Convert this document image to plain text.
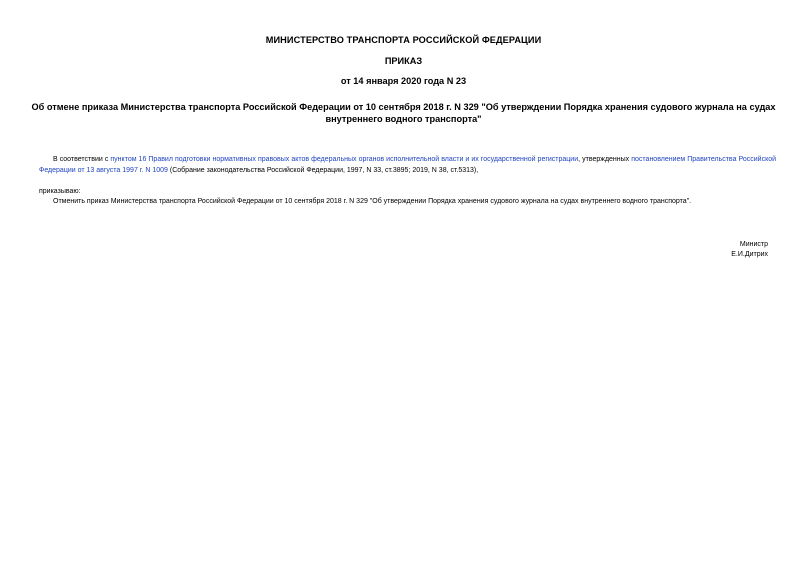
МИНИСТЕРСТВО ТРАНСПОРТА РОССИЙСКОЙ ФЕДЕРАЦИИ
ПРИКАЗ
от 14 января 2020 года N 23
Об отмене приказа Министерства транспорта Российской Федерации от 10 сентября 2018 г. N 329 "Об утверждении Порядка хранения судового журнала на судах внутреннего водного транспорта"
В соответствии с пунктом 16 Правил подготовки нормативных правовых актов федеральных органов исполнительной власти и их государственной регистрации, утвержденных постановлением Правительства Российской Федерации от 13 августа 1997 г. N 1009 (Собрание законодательства Российской Федерации, 1997, N 33, ст.3895; 2019, N 38, ст.5313),
приказываю:
Отменить приказ Министерства транспорта Российской Федерации от 10 сентября 2018 г. N 329 "Об утверждении Порядка хранения судового журнала на судах внутреннего водного транспорта".
Министр
Е.И.Дитрих
